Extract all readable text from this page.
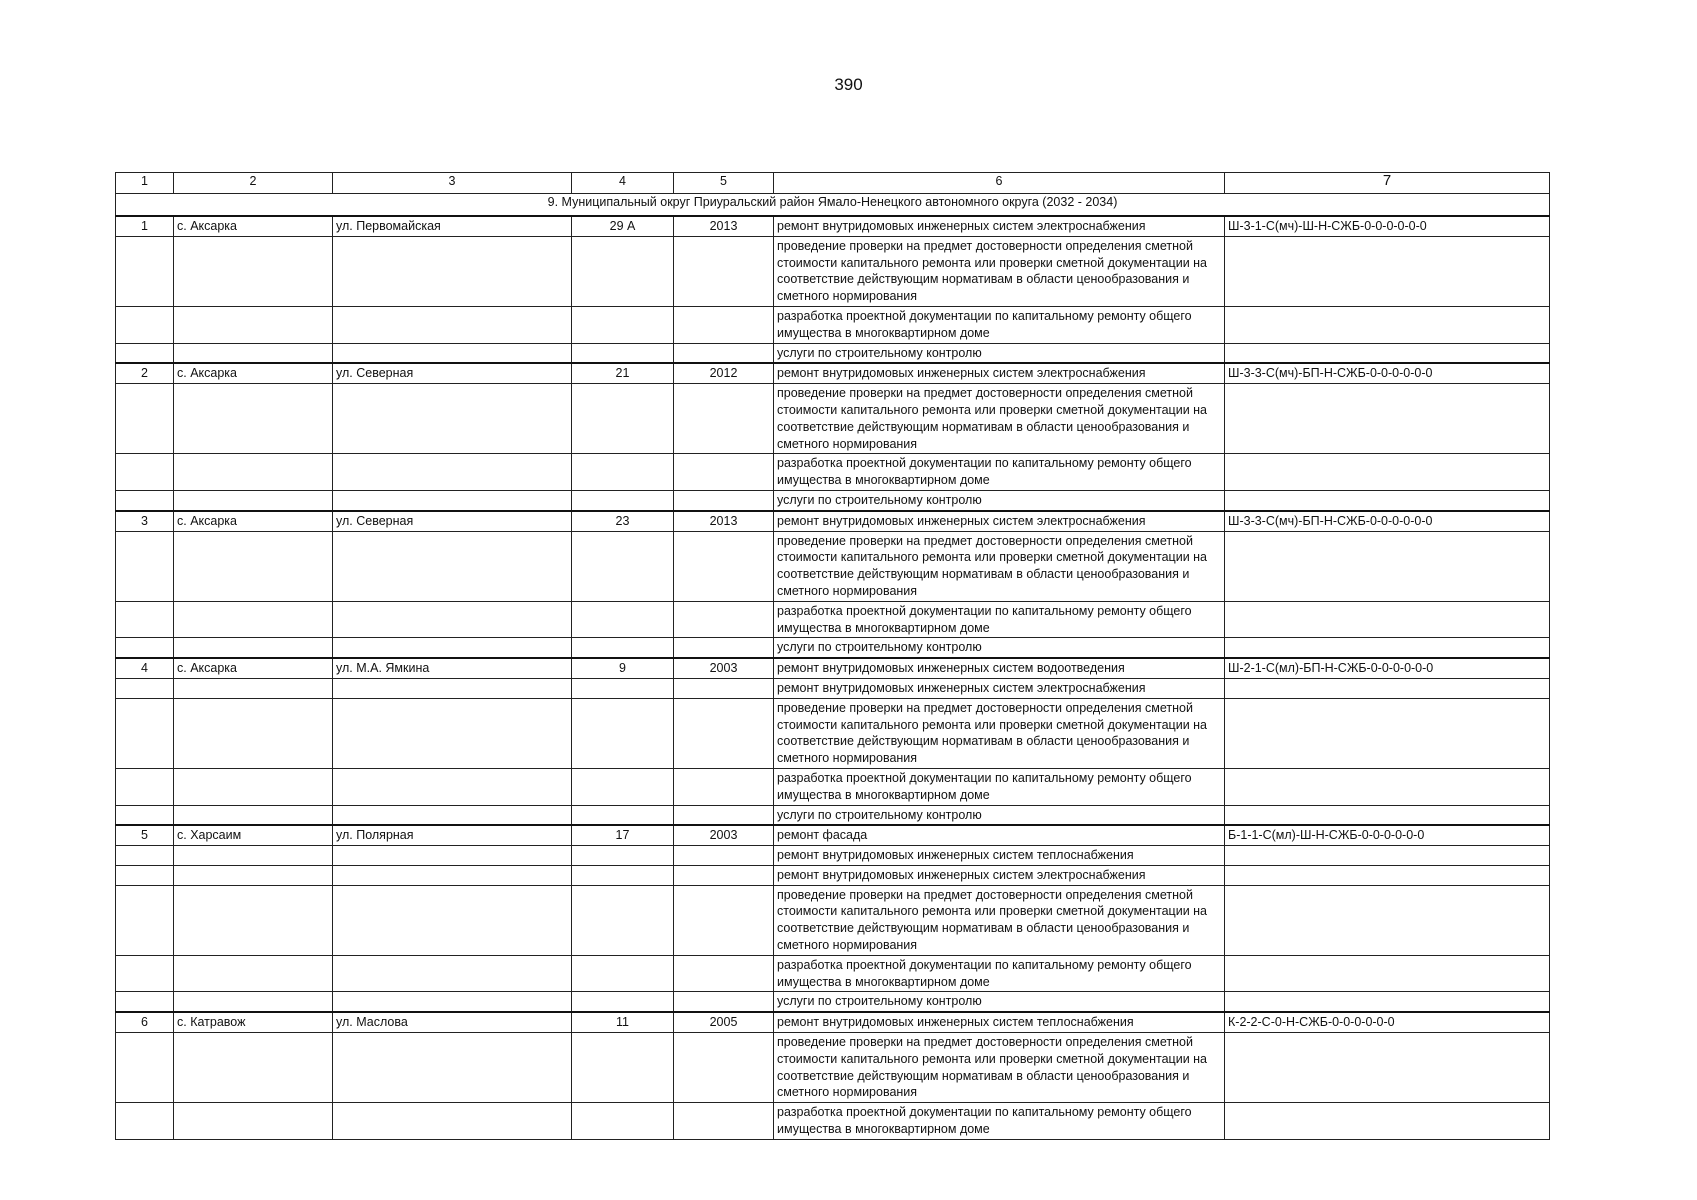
390
1	2	3	4	5	6	7
9. Муниципальный округ Приуральский район Ямало-Ненецкого автономного округа (2032 - 2034)						
1	с. Аксарка	ул. Первомайская	29 А	2013	ремонт внутридомовых инженерных систем электроснабжения	Ш-3-1-С(мч)-Ш-Н-СЖБ-0-0-0-0-0-0
					проведение проверки на предмет достоверности определения сметной стоимости капитального ремонта или проверки сметной документации на соответствие действующим нормативам в области ценообразования и сметного нормирования	
					разработка проектной документации по капитальному ремонту общего имущества в многоквартирном доме	
					услуги по строительному контролю	
2	с. Аксарка	ул. Северная	21	2012	ремонт внутридомовых инженерных систем электроснабжения	Ш-3-3-С(мч)-БП-Н-СЖБ-0-0-0-0-0-0
					проведение проверки на предмет достоверности определения сметной стоимости капитального ремонта или проверки сметной документации на соответствие действующим нормативам в области ценообразования и сметного нормирования	
					разработка проектной документации по капитальному ремонту общего имущества в многоквартирном доме	
					услуги по строительному контролю	
3	с. Аксарка	ул. Северная	23	2013	ремонт внутридомовых инженерных систем электроснабжения	Ш-3-3-С(мч)-БП-Н-СЖБ-0-0-0-0-0-0
					проведение проверки на предмет достоверности определения сметной стоимости капитального ремонта или проверки сметной документации на соответствие действующим нормативам в области ценообразования и сметного нормирования	
					разработка проектной документации по капитальному ремонту общего имущества в многоквартирном доме	
					услуги по строительному контролю	
4	с. Аксарка	ул. М.А. Ямкина	9	2003	ремонт внутридомовых инженерных систем водоотведения	Ш-2-1-С(мл)-БП-Н-СЖБ-0-0-0-0-0-0
					ремонт внутридомовых инженерных систем электроснабжения	
					проведение проверки на предмет достоверности определения сметной стоимости капитального ремонта или проверки сметной документации на соответствие действующим нормативам в области ценообразования и сметного нормирования	
					разработка проектной документации по капитальному ремонту общего имущества в многоквартирном доме	
					услуги по строительному контролю	
5	с. Харсаим	ул. Полярная	17	2003	ремонт фасада	Б-1-1-С(мл)-Ш-Н-СЖБ-0-0-0-0-0-0
					ремонт внутридомовых инженерных систем теплоснабжения	
					ремонт внутридомовых инженерных систем электроснабжения	
					проведение проверки на предмет достоверности определения сметной стоимости капитального ремонта или проверки сметной документации на соответствие действующим нормативам в области ценообразования и сметного нормирования	
					разработка проектной документации по капитальному ремонту общего имущества в многоквартирном доме	
					услуги по строительному контролю	
6	с. Катравож	ул. Маслова	11	2005	ремонт внутридомовых инженерных систем теплоснабжения	К-2-2-С-0-Н-СЖБ-0-0-0-0-0-0
					проведение проверки на предмет достоверности определения сметной стоимости капитального ремонта или проверки сметной документации на соответствие действующим нормативам в области ценообразования и сметного нормирования	
					разработка проектной документации по капитальному ремонту общего имущества в многоквартирном доме	
